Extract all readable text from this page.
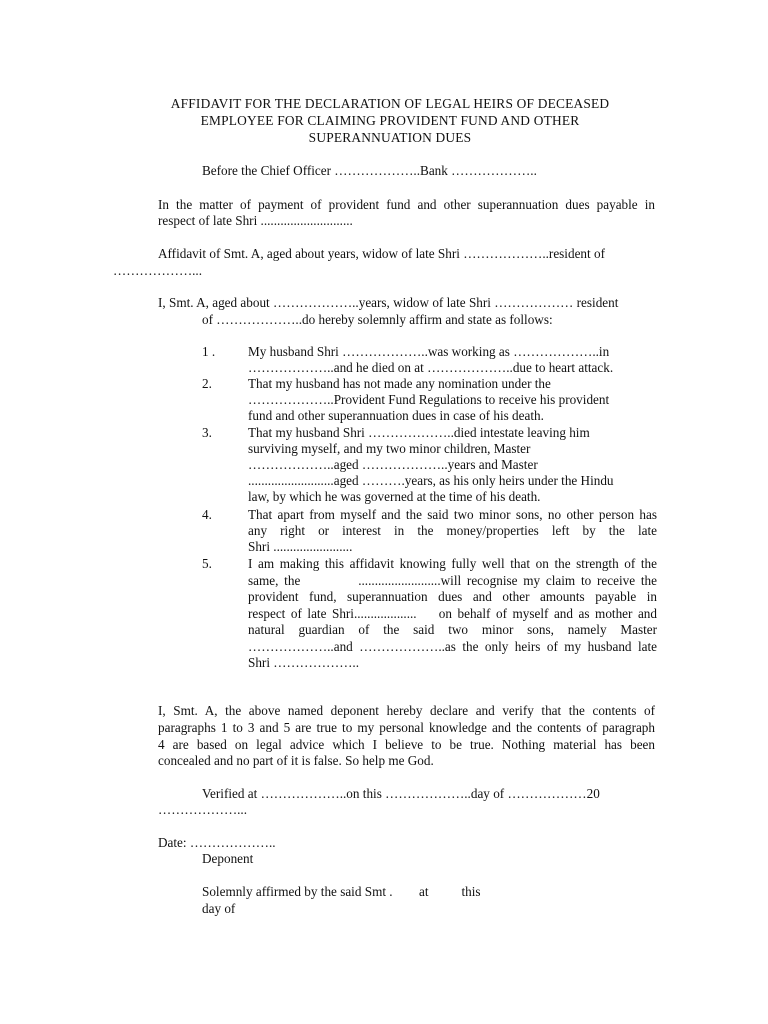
AFFIDAVIT FOR THE DECLARATION OF LEGAL HEIRS OF DECEASED
EMPLOYEE FOR CLAIMING PROVIDENT FUND AND OTHER
SUPERANNUATION DUES
Before the Chief Officer ………………..Bank ………………..
In the matter of payment of provident fund and other superannuation dues payable in
respect of late Shri ............................
Affidavit of Smt. A, aged about years, widow of late Shri ………………..resident of
………………...
I, Smt. A, aged about ………………..years, widow of late Shri ……………… resident
of ………………..do hereby solemnly affirm and state as follows:
1 . My husband Shri ………………..was working as ………………..in
………………..and he died on at ………………..due to heart attack.
2.	That my husband has not made any nomination under the
………………..Provident Fund Regulations to receive his provident
fund and other superannuation dues in case of his death.
3.	That my husband Shri ………………..died intestate leaving him
surviving myself, and my two minor children, Master
………………..aged ………………..years and Master
..........................aged ……….years, as his only heirs under the Hindu
law, by which he was governed at the time of his death.
4.	That apart from myself and the said two minor sons, no other person has
any right or interest in the money/properties left by the late
Shri ........................
5.	I am making this affidavit knowing fully well that on the strength of the
same, the          .........................will recognise my claim to receive the
provident fund, superannuation dues and other amounts payable in
respect of late Shri...................    on behalf of myself and as mother and
natural guardian of the said two minor sons, namely Master
………………..and ………………..as the only heirs of my husband late
Shri ………………..
I, Smt. A, the above named deponent hereby declare and verify that the contents of
paragraphs 1 to 3 and 5 are true to my personal knowledge and the contents of paragraph
4 are based on legal advice which I believe to be true. Nothing material has been
concealed and no part of it is false. So help me God.
Verified at ………………..on this ………………..day of ………………20
………………...
Date: ………………..
Deponent
Solemnly affirmed by the said Smt .        at          this
day of
